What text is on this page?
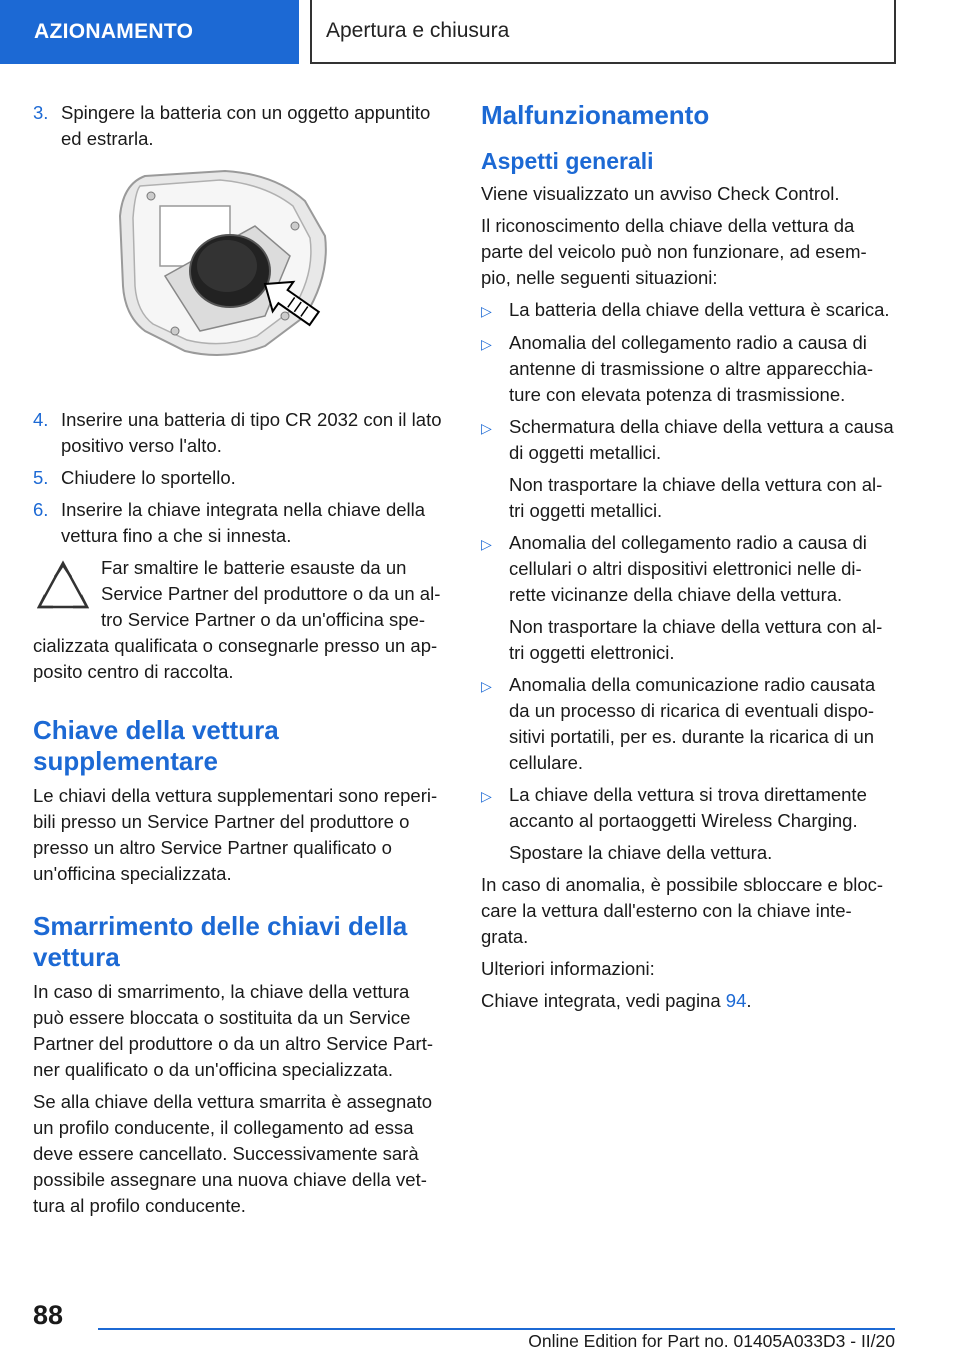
AZIONAMENTO	Apertura e chiusura
3. Spingere la batteria con un oggetto appuntito ed estrarla.
4. Inserire una batteria di tipo CR 2032 con il lato positivo verso l'alto.
5. Chiudere lo sportello.
6. Inserire la chiave integrata nella chiave della vettura fino a che si innesta.
Far smaltire le batterie esauste da un Service Partner del produttore o da un al-tro Service Partner o da un'officina spe-cializzata qualificata o consegnarle presso un ap-posito centro di raccolta.
Chiave della vettura supplementare

Le chiavi della vettura supplementari sono reperi-bili presso un Service Partner del produttore o presso un altro Service Partner qualificato o un'officina specializzata.

Smarrimento delle chiavi della vettura

In caso di smarrimento, la chiave della vettura può essere bloccata o sostituita da un Service Partner del produttore o da un altro Service Part-ner qualificato o da un'officina specializzata.

Se alla chiave della vettura smarrita è assegnato un profilo conducente, il collegamento ad essa deve essere cancellato. Successivamente sarà possibile assegnare una nuova chiave della vet-tura al profilo conducente.

Malfunzionamento
Aspetti generali

Viene visualizzato un avviso Check Control.

Il riconoscimento della chiave della vettura da parte del veicolo può non funzionare, ad esem-pio, nelle seguenti situazioni:

▷ La batteria della chiave della vettura è scarica.
▷ Anomalia del collegamento radio a causa di antenne di trasmissione o altre apparecchia-ture con elevata potenza di trasmissione.
▷ Schermatura della chiave della vettura a causa di oggetti metallici.
Non trasportare la chiave della vettura con al-tri oggetti metallici.
▷ Anomalia del collegamento radio a causa di cellulari o altri dispositivi elettronici nelle di-rette vicinanze della chiave della vettura.
Non trasportare la chiave della vettura con al-tri oggetti elettronici.
▷ Anomalia della comunicazione radio causata da un processo di ricarica di eventuali dispo-sitivi portatili, per es. durante la ricarica di un cellulare.
▷ La chiave della vettura si trova direttamente accanto al portaoggetti Wireless Charging.
Spostare la chiave della vettura.

In caso di anomalia, è possibile sbloccare e bloc-care la vettura dall'esterno con la chiave inte-grata.

Ulteriori informazioni:

Chiave integrata, vedi pagina 94.

88
Online Edition for Part no. 01405A033D3 - II/20
